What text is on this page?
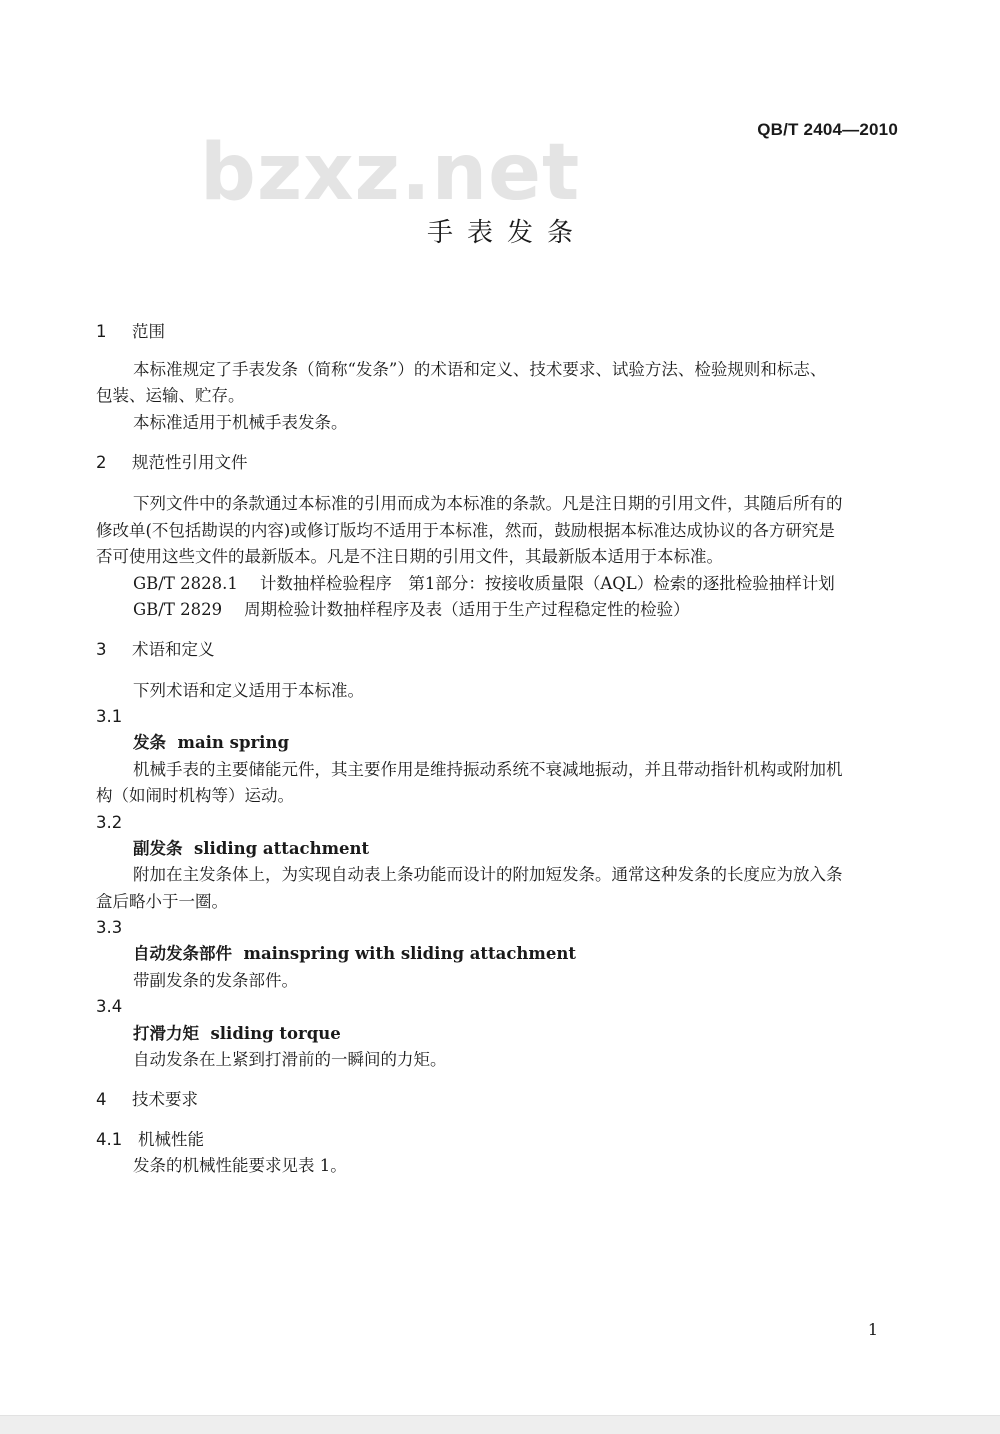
QB/T 2404—2010
bzxz.net
手表发条
1 范围
本标准规定了手表发条（简称“发条”）的术语和定义、技术要求、试验方法、检验规则和标志、
包装、运输、贮存。
本标准适用于机械手表发条。
2 规范性引用文件
下列文件中的条款通过本标准的引用而成为本标准的条款。凡是注日期的引用文件，其随后所有的
修改单(不包括勘误的内容)或修订版均不适用于本标准，然而，鼓励根据本标准达成协议的各方研究是
否可使用这些文件的最新版本。凡是不注日期的引用文件，其最新版本适用于本标准。
GB/T 2828.1 计数抽样检验程序　第1部分：按接收质量限（AQL）检索的逐批检验抽样计划
GB/T 2829 周期检验计数抽样程序及表（适用于生产过程稳定性的检验）
3 术语和定义
下列术语和定义适用于本标准。
3.1
发条 main spring
机械手表的主要储能元件，其主要作用是维持振动系统不衰减地振动，并且带动指针机构或附加机
构（如闹时机构等）运动。
3.2
副发条 sliding attachment
附加在主发条体上，为实现自动表上条功能而设计的附加短发条。通常这种发条的长度应为放入条
盒后略小于一圈。
3.3
自动发条部件 mainspring with sliding attachment
带副发条的发条部件。
3.4
打滑力矩 sliding torque
自动发条在上紧到打滑前的一瞬间的力矩。
4 技术要求
4.1 机械性能
发条的机械性能要求见表 1。
1
